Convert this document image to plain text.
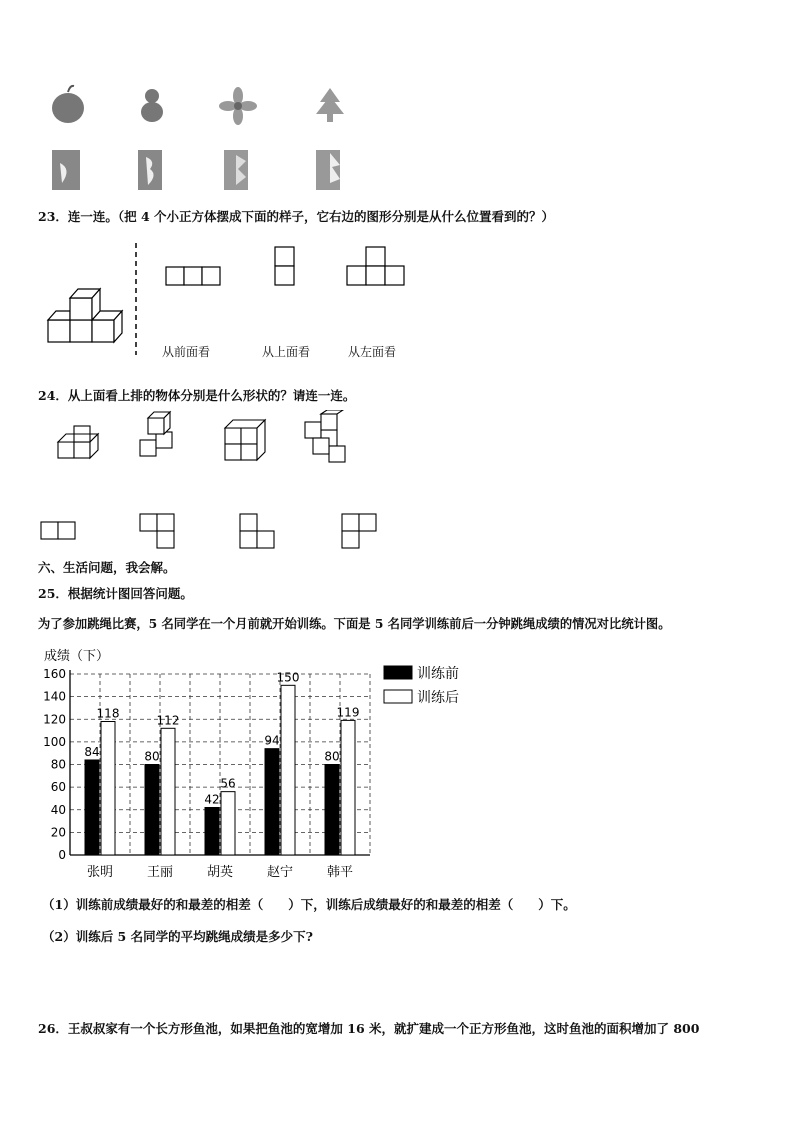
23．连一连。（把 4 个小正方体摆成下面的样子，它右边的图形分别是从什么位置看到的？）
从前面看	从上面看	从左面看
24．从上面看上排的物体分别是什么形状的？请连一连。
六、生活问题，我会解。
25．根据统计图回答问题。
为了参加跳绳比赛，5 名同学在一个月前就开始训练。下面是 5 名同学训练前后一分钟跳绳成绩的情况对比统计图。
成绩（下）
0
20
40
60
80
100
120
140
160
84
118
张明
80
112
王丽
42
56
胡英
94
150
赵宁
80
119
韩平
训练前
训练后
（1）训练前成绩最好的和最差的相差（　　）下，训练后成绩最好的和最差的相差（　　）下。
（2）训练后 5 名同学的平均跳绳成绩是多少下?
26．王叔叔家有一个长方形鱼池，如果把鱼池的宽增加 16 米，就扩建成一个正方形鱼池，这时鱼池的面积增加了 800
